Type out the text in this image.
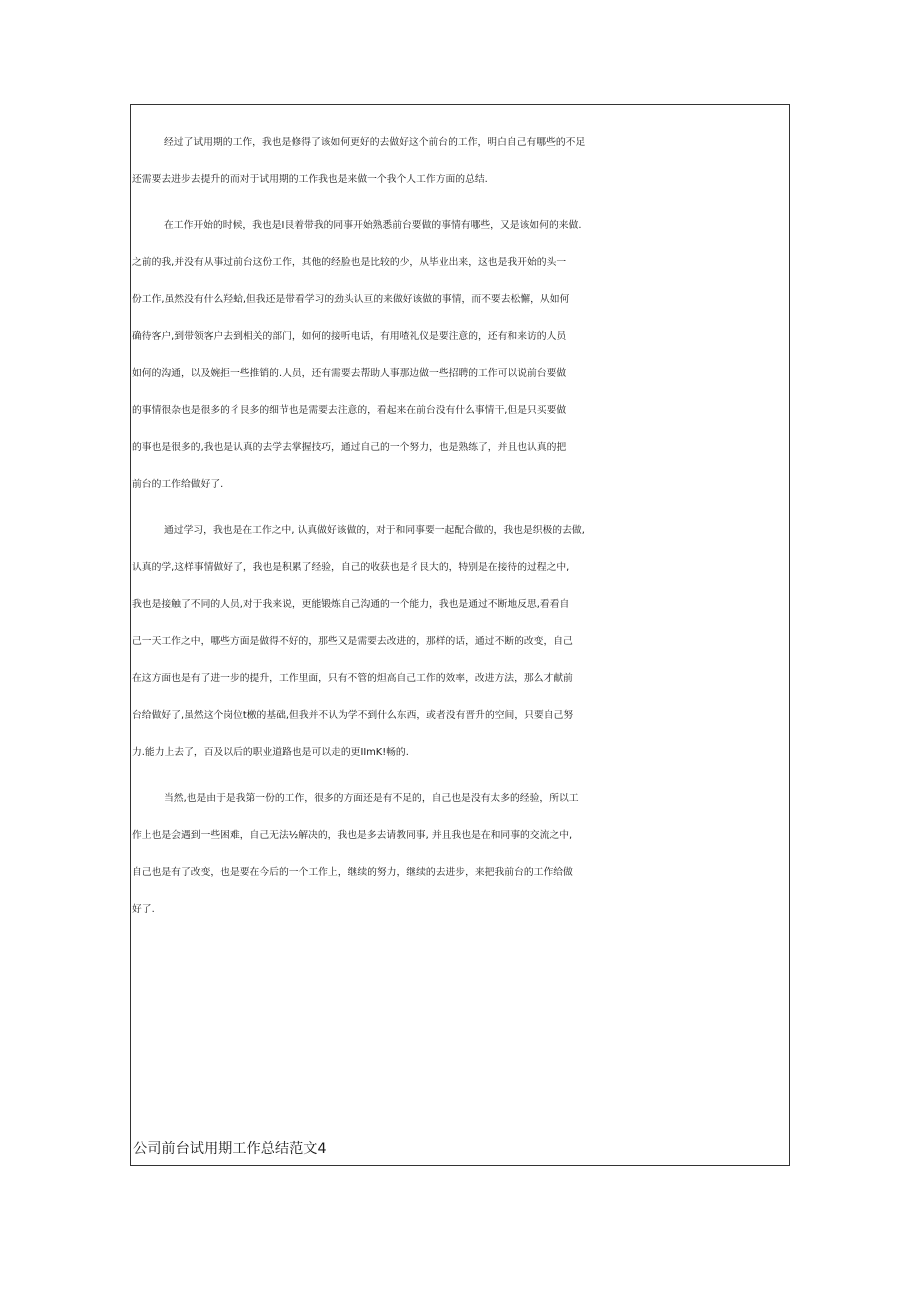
经过了试用期的工作，我也是修得了该如何更好的去做好这个前台的工作，明白自己有哪些的不足
还需要去进步去提升的而对于试用期的工作我也是来做一个我个人工作方面的总结.
在工作开始的时候，我也是I艮着带我的同事开始熟悉前台要做的事情有哪些，又是该如何的来做.
之前的我,并没有从事过前台这份工作，其他的经脸也是比较的少，从毕业出来，这也是我开始的头一
份工作,虽然没有什么羟蛤,但我还是带看学习的劲头认亘的来做好该做的事情，而不要去松懈，从如何
确待客户,到带领客户去到相关的部门，如何的接听电话，有用喳礼仪是要注意的，还有和来访的人员
如何的沟通，以及婉拒一些推销的.人员，还有需要去帮助人事那边做一些招聘的工作可以说前台要做
的事情很杂也是很多的彳艮多的细节也是需要去注意的，看起来在前台没有什么事情干,但是只买要做
的事也是很多的,我也是认真的去学去掌握技巧，通过自己的一个努力，也是熟练了，并且也认真的把
前台的工作给做好了.
通过学习，我也是在工作之中, 认真做好该做的，对于和同事要一起配合做的，我也是织极的去做,
认真的学,这样事情做好了，我也是积累了经验，自己的收获也是彳艮大的，特别是在接待的过程之中,
我也是接触了不同的人员,对于我来说，更能锻炼自己沟通的一个能力，我也是通过不断地反思,看看自
己一天工作之中，哪些方面是做得不好的，那些又是需要去改进的，那样的话，通过不断的改变，自己
在这方面也是有了进一步的提升，工作里面，只有不管的炟高自己工作的效率，改进方法，那么才献前
台给做好了,虽然这个岗位t檄的基础,但我并不认为学不到什么东西，或者没有晋升的空间，只要自己努
力.能力上去了，百及以后的职业道路也是可以走的更IImK!畅的.
当然,也是由于是我第一份的工作，很多的方面还是有不足的，自己也是没有太多的经验，所以工
作上也是会遇到一些困难，自己无法½解决的，我也是多去请教同事, 并且我也是在和同事的交流之中,
自己也是有了改变，也是要在今后的一个工作上，继续的努力，继续的去进步，来把我前台的工作给做
好了.
公司前台试用期工作总结范文4
